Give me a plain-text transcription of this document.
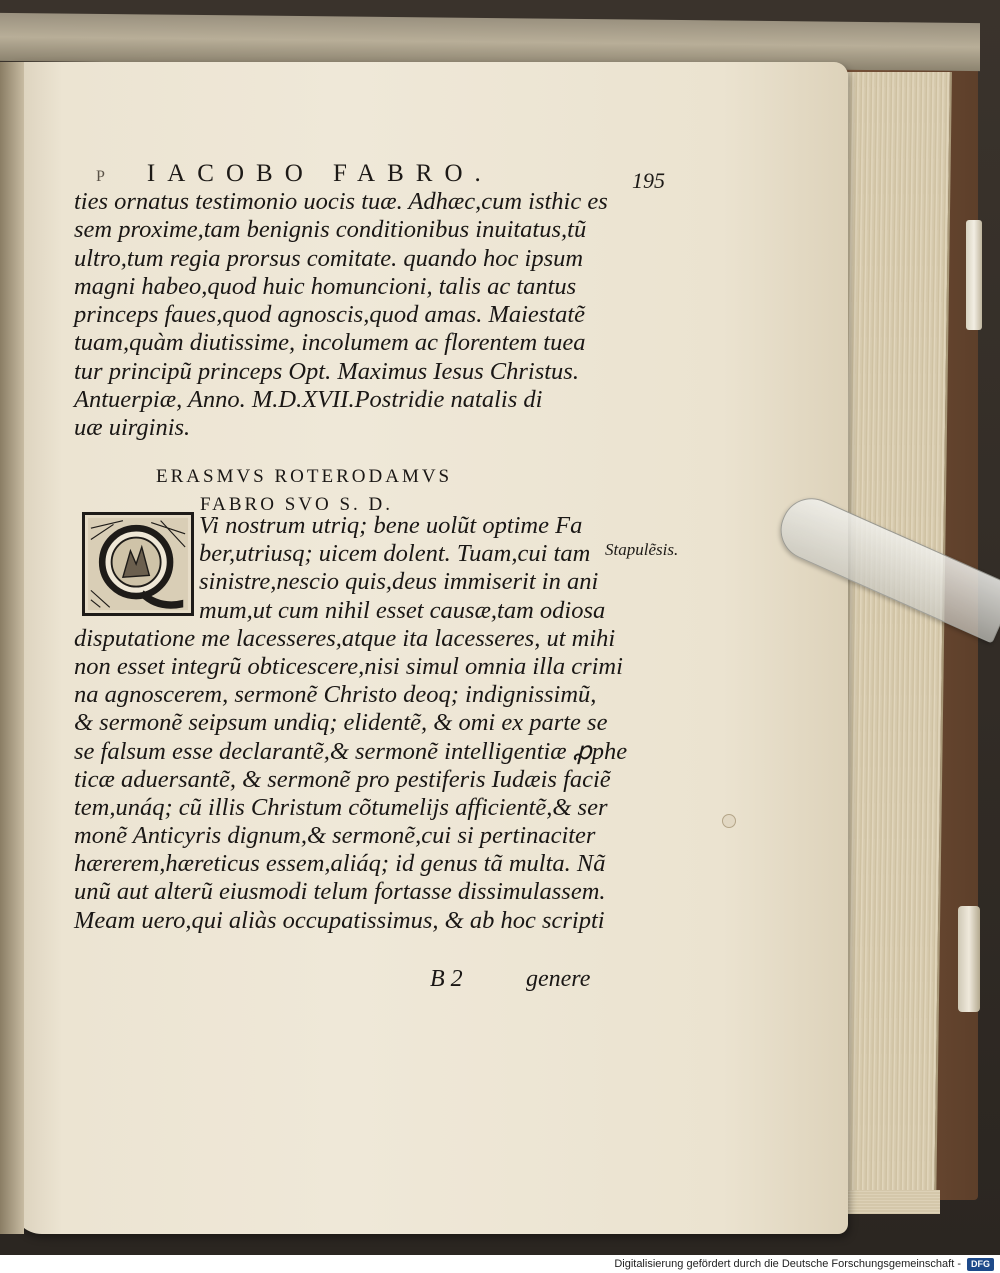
P IACOBO FABRO.	195
ties ornatus testimonio uocis tuæ. Adhæc,cum isthic es
sem proxime,tam benignis conditionibus inuitatus,tũ
ultro,tum regia prorsus comitate. quando hoc ipsum
magni habeo,quod huic homuncioni, talis ac tantus
princeps faues,quod agnoscis,quod amas. Maiestatẽ
tuam,quàm diutissime, incolumem ac florentem tuea
tur principũ princeps Opt. Maximus Iesus Christus.
Antuerpiæ, Anno. M.D.XVII.Postridie natalis di
uæ uirginis.
ERASMVS ROTERODAMVS
FABRO SVO S. D.
Vi nostrum utriq; bene uolũt optime Fa
ber,utriusq; uicem dolent. Tuam,cui tam
sinistre,nescio quis,deus immiserit in ani
mum,ut cum nihil esset causæ,tam odiosa
disputatione me lacesseres,atque ita lacesseres, ut mihi
non esset integrũ obticescere,nisi simul omnia illa crimi
na agnoscerem, sermonẽ Christo deoq; indignissimũ,
& sermonẽ seipsum undiq; elidentẽ, & omi ex parte se
se falsum esse declarantẽ,& sermonẽ intelligentiæ ꝓphe
ticæ aduersantẽ, & sermonẽ pro pestiferis Iudæis faciẽ
tem,unáq; cũ illis Christum cõtumelijs afficientẽ,& ser
monẽ Anticyris dignum,& sermonẽ,cui si pertinaciter
hærerem,hæreticus essem,aliáq; id genus tã multa. Nã
unũ aut alterũ eiusmodi telum fortasse dissimulassem.
Meam uero,qui aliàs occupatissimus, & ab hoc scripti
Stapulẽsis.
B 2	genere
Digitalisierung gefördert durch die Deutsche Forschungsgemeinschaft -	DFG
